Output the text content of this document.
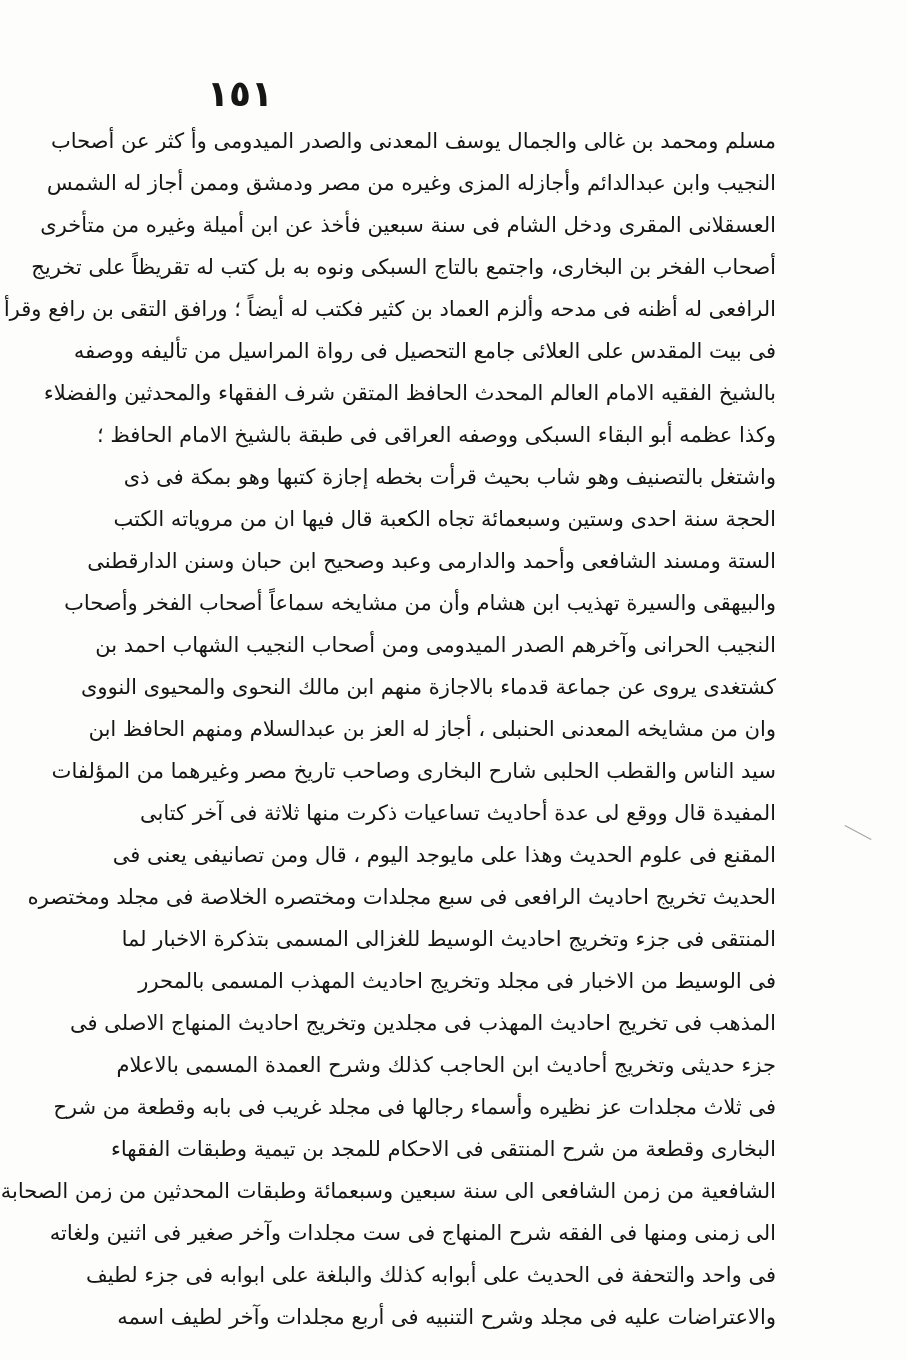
١٥١
مسلم ومحمد بن غالى والجمال يوسف المعدنى والصدر الميدومى وأ كثر عن أصحاب
النجيب وابن عبدالدائم وأجازله المزى وغيره من مصر ودمشق وممن أجاز له الشمس
العسقلانى المقرى ودخل الشام فى سنة سبعين فأخذ عن ابن أميلة وغيره من متأخرى
أصحاب الفخر بن البخارى، واجتمع بالتاج السبكى ونوه به بل كتب له تقريظاً على تخريج
الرافعى له أظنه فى مدحه وألزم العماد بن كثير فكتب له أيضاً ؛ ورافق التقى بن رافع وقرأ
فى بيت المقدس على العلائى جامع التحصيل فى رواة المراسيل من تأليفه ووصفه
بالشيخ الفقيه الامام العالم المحدث الحافظ المتقن شرف الفقهاء والمحدثين والفضلاء
وكذا عظمه أبو البقاء السبكى ووصفه العراقى فى طبقة بالشيخ الامام الحافظ ؛
واشتغل بالتصنيف وهو شاب بحيث قرأت بخطه إجازة كتبها وهو بمكة فى ذى
الحجة سنة احدى وستين وسبعمائة تجاه الكعبة قال فيها ان من مروياته الكتب
الستة ومسند الشافعى وأحمد والدارمى وعبد وصحيح ابن حبان وسنن الدارقطنى
والبيهقى والسيرة تهذيب ابن هشام وأن من مشايخه سماعاً أصحاب الفخر وأصحاب
النجيب الحرانى وآخرهم الصدر الميدومى ومن أصحاب النجيب الشهاب احمد بن
كشتغدى يروى عن جماعة قدماء بالاجازة منهم ابن مالك النحوى والمحيوى النووى
وان من مشايخه المعدنى الحنبلى ، أجاز له العز بن عبدالسلام ومنهم الحافظ ابن
سيد الناس والقطب الحلبى شارح البخارى وصاحب تاريخ مصر وغيرهما من المؤلفات
المفيدة قال ووقع لى عدة أحاديث تساعيات ذكرت منها ثلاثة فى آخر كتابى
المقنع فى علوم الحديث وهذا على مايوجد اليوم ، قال ومن تصانيفى يعنى فى
الحديث تخريج احاديث الرافعى فى سبع مجلدات ومختصره الخلاصة فى مجلد ومختصره
المنتقى فى جزء وتخريج احاديث الوسيط للغزالى المسمى بتذكرة الاخبار لما
فى الوسيط من الاخبار فى مجلد وتخريج احاديث المهذب المسمى بالمحرر
المذهب فى تخريج احاديث المهذب فى مجلدين وتخريج احاديث المنهاج الاصلى فى
جزء حديثى وتخريج أحاديث ابن الحاجب كذلك وشرح العمدة المسمى بالاعلام
فى ثلاث مجلدات عز نظيره وأسماء رجالها فى مجلد غريب فى بابه وقطعة من شرح
البخارى وقطعة من شرح المنتقى فى الاحكام للمجد بن تيمية وطبقات الفقهاء
الشافعية من زمن الشافعى الى سنة سبعين وسبعمائة وطبقات المحدثين من زمن الصحابة
الى زمنى ومنها فى الفقه شرح المنهاج فى ست مجلدات وآخر صغير فى اثنين ولغاته
فى واحد والتحفة فى الحديث على أبوابه كذلك والبلغة على ابوابه فى جزء لطيف
والاعتراضات عليه فى مجلد وشرح التنبيه فى أربع مجلدات وآخر لطيف اسمه
